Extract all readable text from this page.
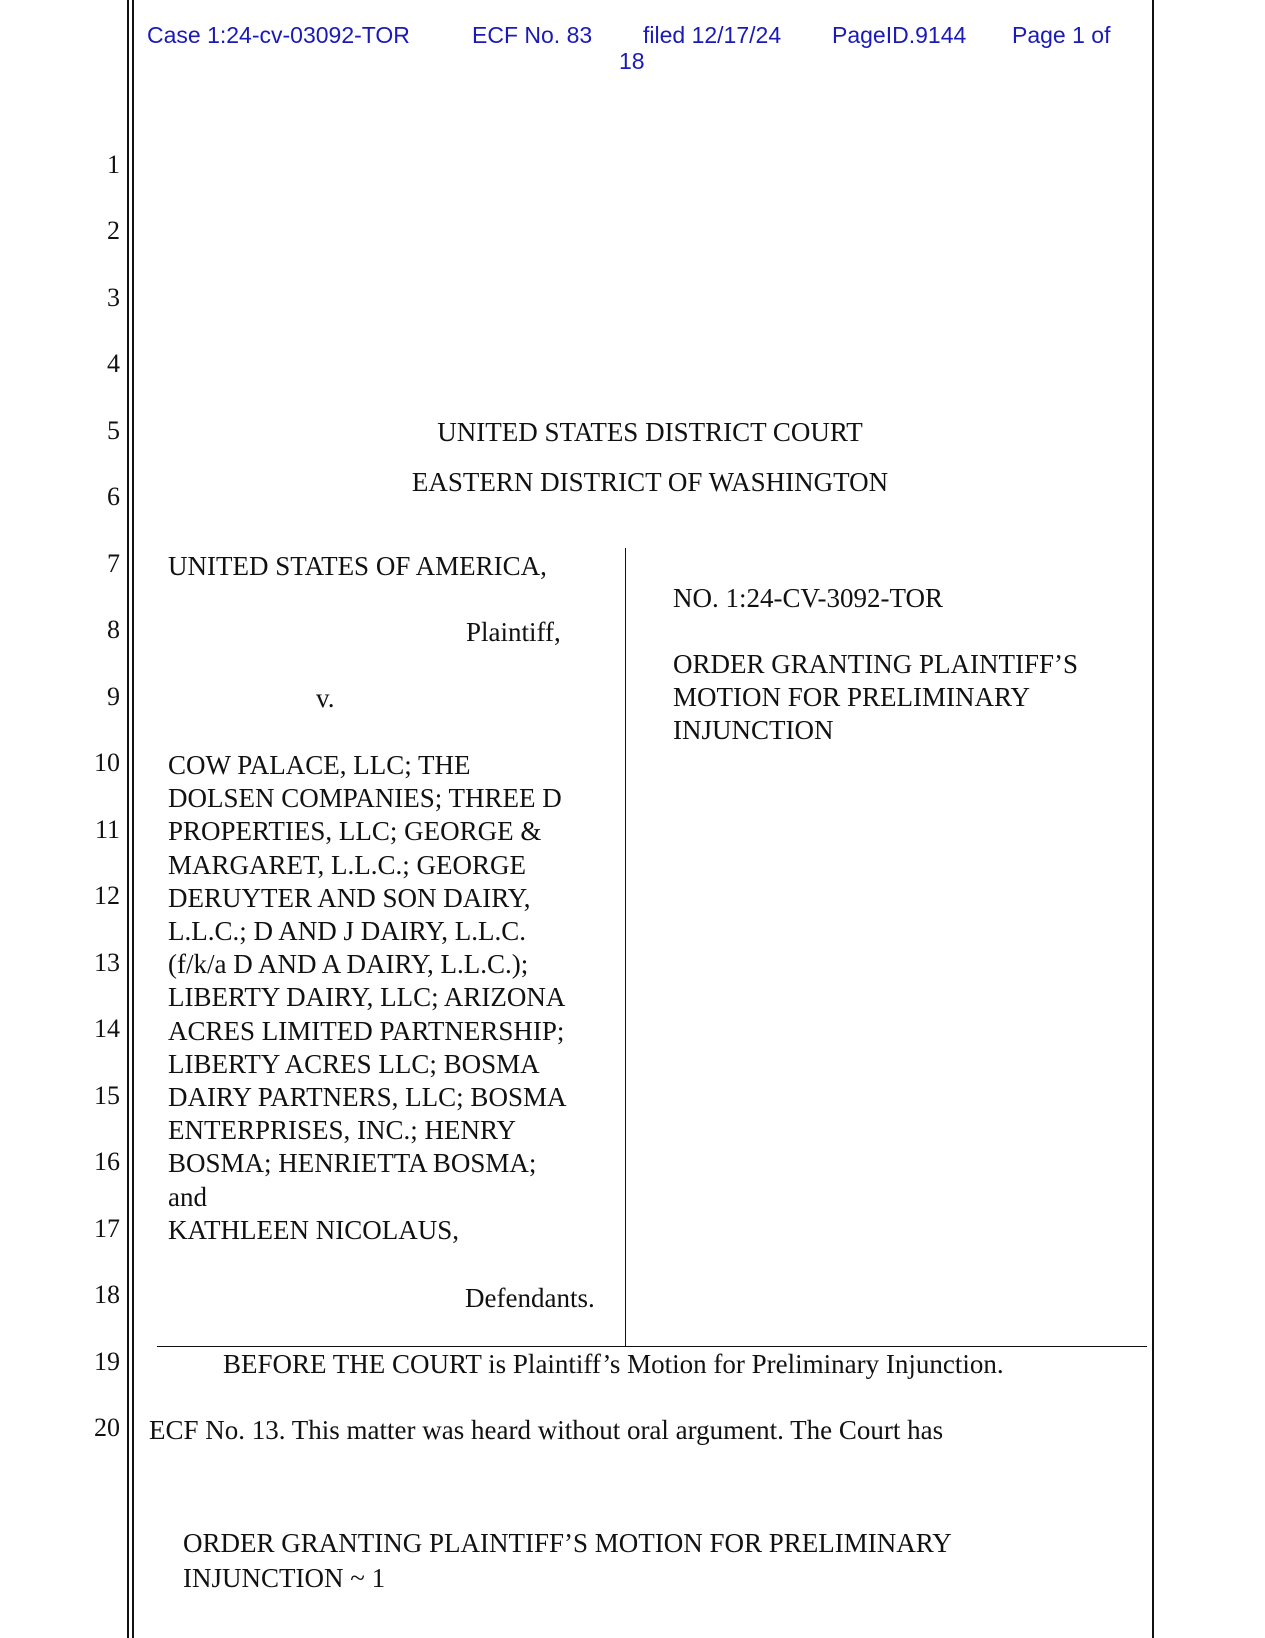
Case 1:24-cv-03092-TOR	ECF No. 83 filed 12/17/24 PageID.9144 Page 1 of
18
1
2
3
4
5
6
7
8
9
10
11
12
13
14
15
16
17
18
19
20
UNITED STATES DISTRICT COURT
EASTERN DISTRICT OF WASHINGTON
UNITED STATES OF AMERICA,
Plaintiff,
v.
COW PALACE, LLC; THE
DOLSEN COMPANIES; THREE D
PROPERTIES, LLC; GEORGE &
MARGARET, L.L.C.; GEORGE
DERUYTER AND SON DAIRY,
L.L.C.; D AND J DAIRY, L.L.C.
(f/k/a D AND A DAIRY, L.L.C.);
LIBERTY DAIRY, LLC; ARIZONA
ACRES LIMITED PARTNERSHIP;
LIBERTY ACRES LLC; BOSMA
DAIRY PARTNERS, LLC; BOSMA
ENTERPRISES, INC.; HENRY
BOSMA; HENRIETTA BOSMA;
and
KATHLEEN NICOLAUS,
Defendants.
NO. 1:24-CV-3092-TOR
ORDER GRANTING PLAINTIFF’S
MOTION FOR PRELIMINARY
INJUNCTION
BEFORE THE COURT is Plaintiff’s Motion for Preliminary Injunction.
ECF No. 13. This matter was heard without oral argument. The Court has
ORDER GRANTING PLAINTIFF’S MOTION FOR PRELIMINARY
INJUNCTION ~ 1
